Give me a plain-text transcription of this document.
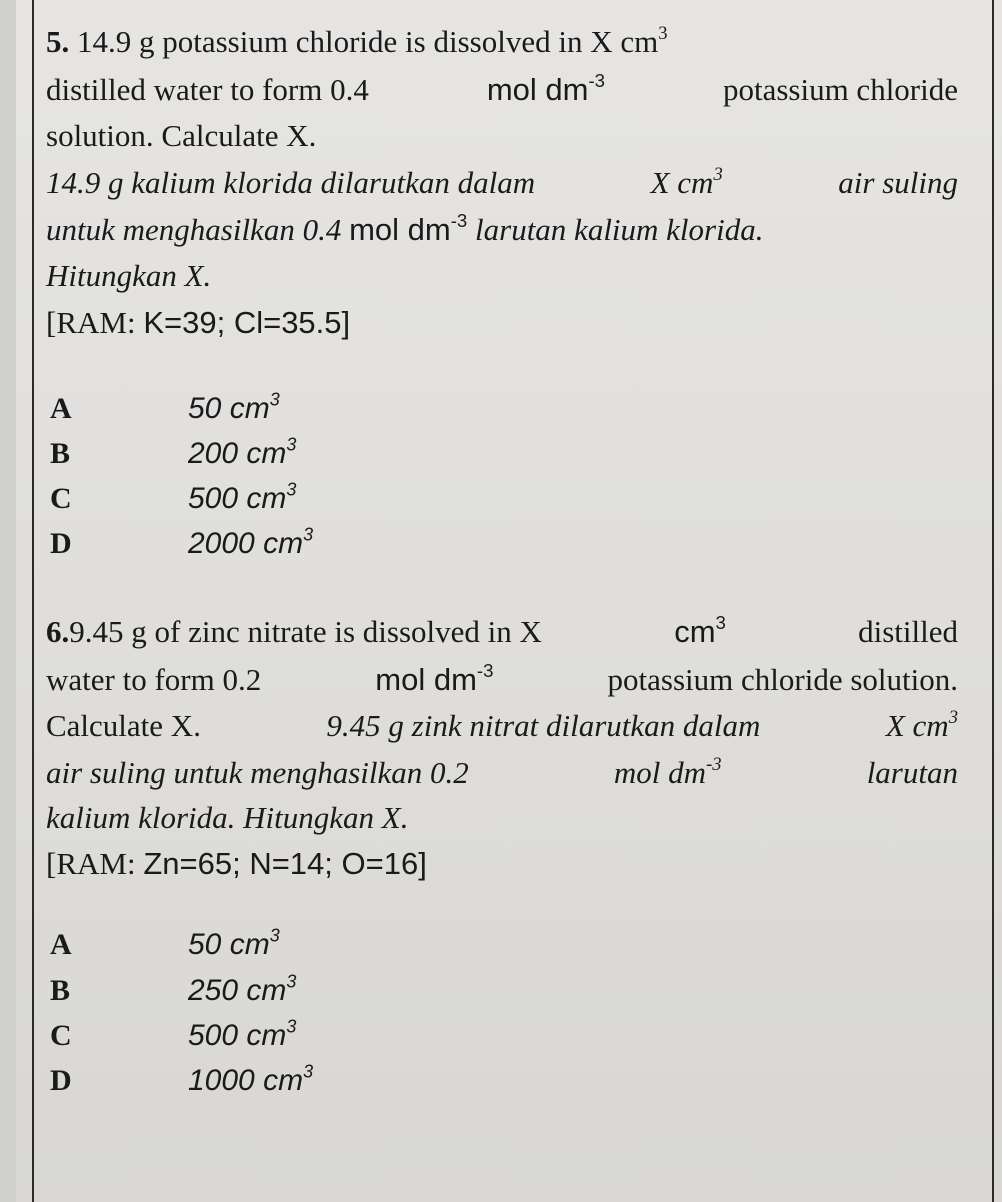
5. 14.9 g potassium chloride is dissolved in X $cm^3$
distilled water to form 0.4	mol $dm^{-3}$	potassium chloride
solution. Calculate X.
14.9 g kalium klorida dilarutkan dalam	X $cm^3$	air suling
untuk menghasilkan 0.4 mol $dm^{-3}$ larutan kalium klorida.
Hitungkan X.
[RAM: K=39; Cl=35.5]
A	50 $cm^3$
B	200 $cm^3$
C	500 $cm^3$
D	2000 $cm^3$
6.9.45 g of zinc nitrate is dissolved in X	$cm^3$	distilled
water to form 0.2	mol $dm^{-3}$	potassium chloride solution.
Calculate X.	9.45 g zink nitrat dilarutkan dalam	X $cm^3$
air suling untuk menghasilkan 0.2	mol $dm^{-3}$	larutan
kalium klorida. Hitungkan X.
[RAM: Zn=65; N=14; O=16]
A	50 $cm^3$
B	250 $cm^3$
C	500 $cm^3$
D	1000 $cm^3$
